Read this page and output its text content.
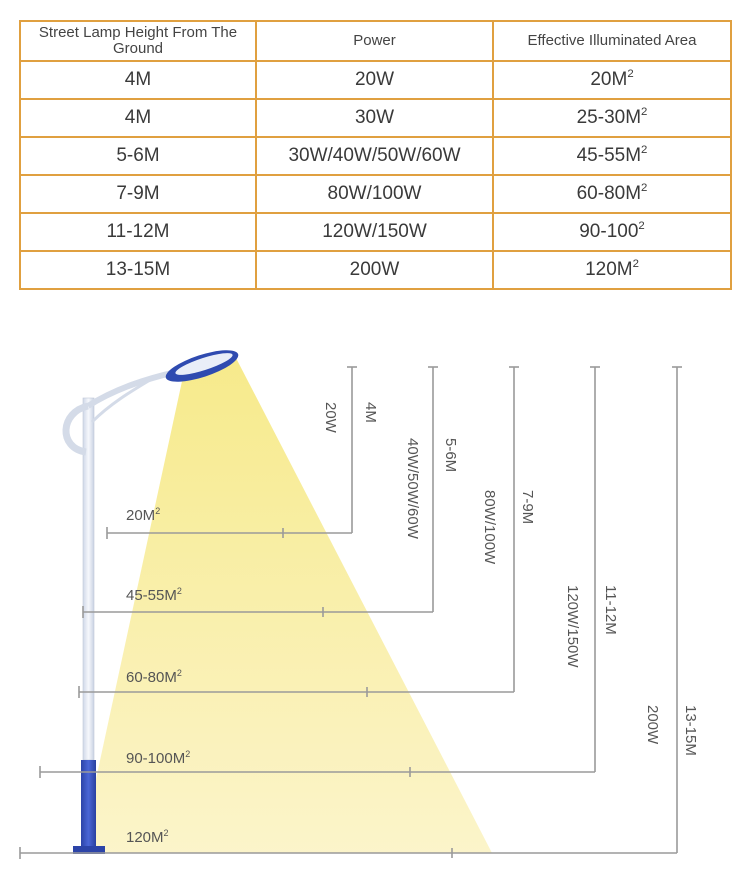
Street Lamp Height From The Ground	Power	Effective Illuminated Area
4M	20W	$20M^2$
4M	30W	$25-30M^2$
5-6M	30W/40W/50W/60W	$45-55M^2$
7-9M	80W/100W	$60-80M^2$
11-12M	120W/150W	$90-100^2$
13-15M	200W	$120M^2$
$20M^2$
$45-55M^2$
$60-80M^2$
$90-100M^2$
$120M^2$
20W 4M
40W/50W/60W 5-6M
80W/100W 7-9M
120W/150W 11-12M
200W 13-15M
